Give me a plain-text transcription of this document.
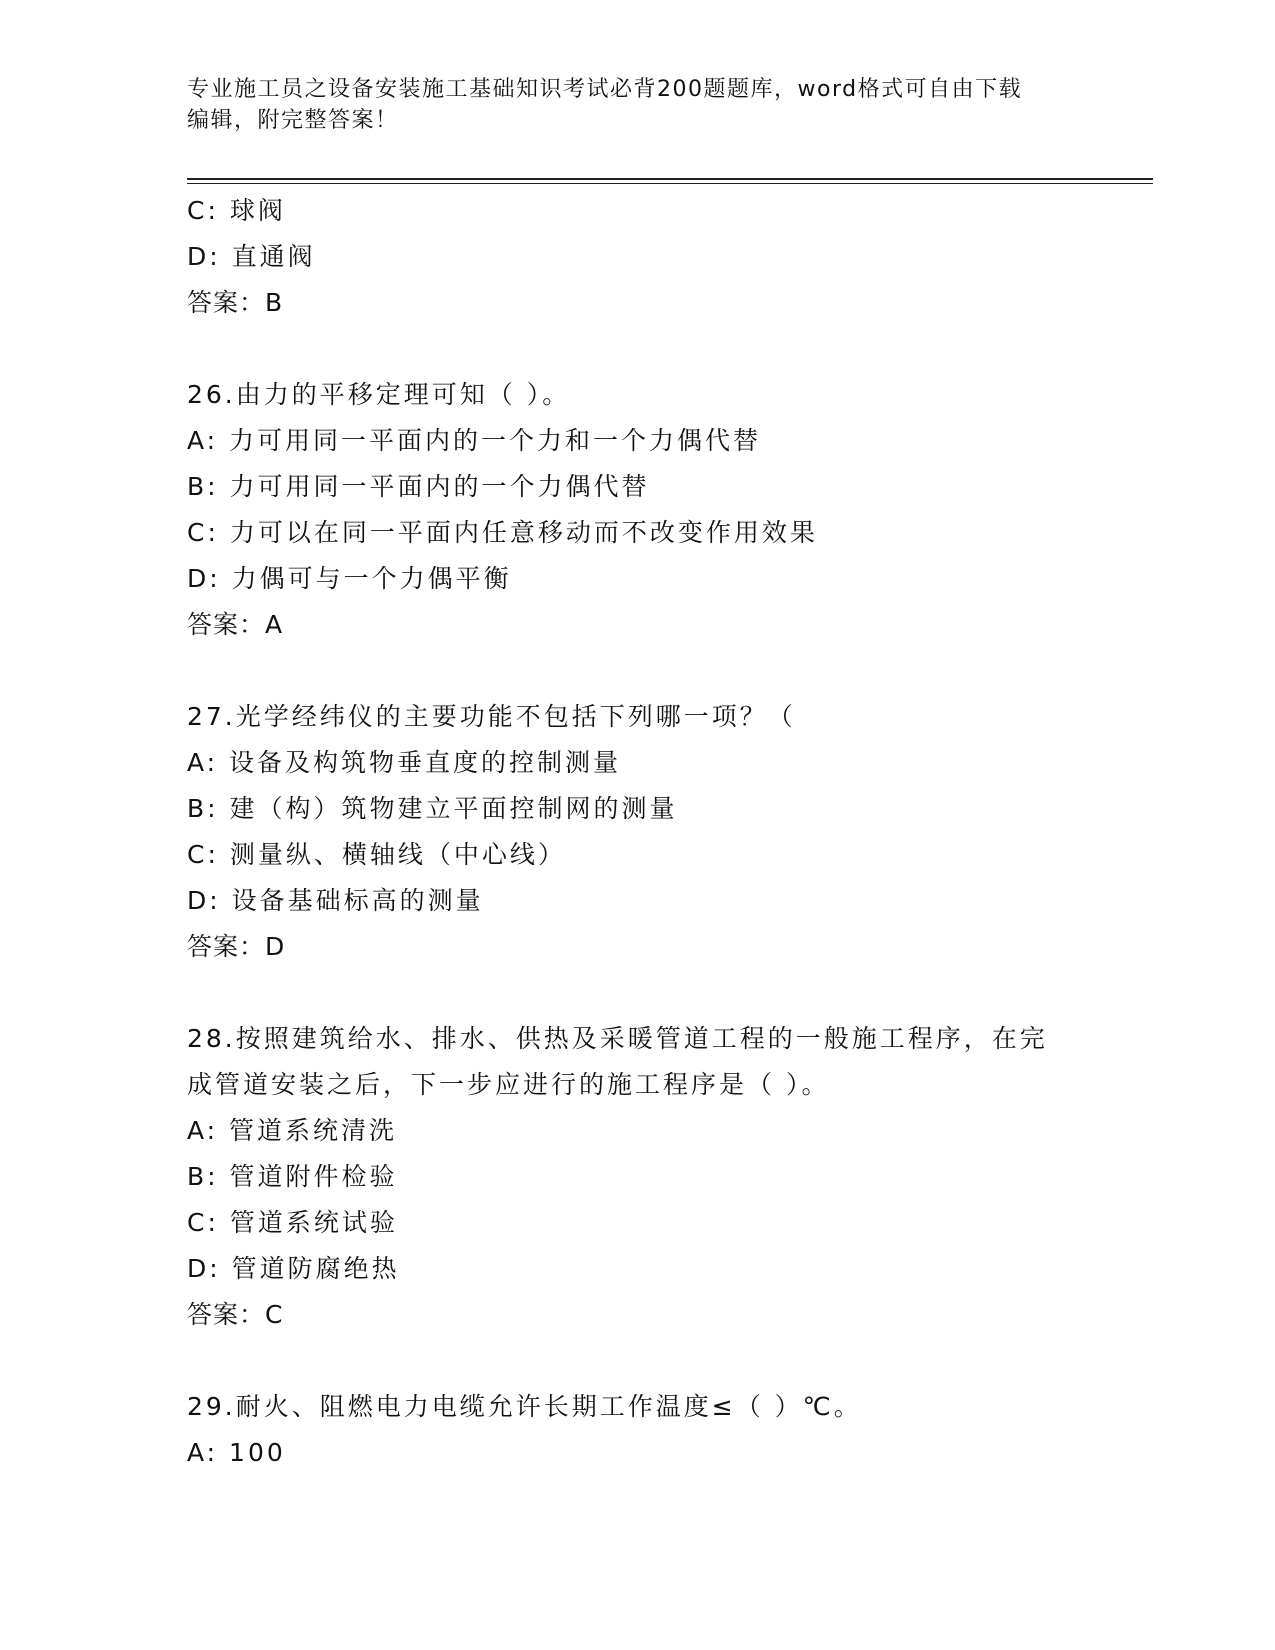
专业施工员之设备安装施工基础知识考试必背200题题库，word格式可自由下载
编辑，附完整答案！
C: 球阀
D: 直通阀
答案：B
26.由力的平移定理可知（ ）。
A: 力可用同一平面内的一个力和一个力偶代替
B: 力可用同一平面内的一个力偶代替
C: 力可以在同一平面内任意移动而不改变作用效果
D: 力偶可与一个力偶平衡
答案：A
27.光学经纬仪的主要功能不包括下列哪一项？（
A: 设备及构筑物垂直度的控制测量
B: 建（构）筑物建立平面控制网的测量
C: 测量纵、横轴线（中心线）
D: 设备基础标高的测量
答案：D
28.按照建筑给水、排水、供热及采暖管道工程的一般施工程序，在完
成管道安装之后，下一步应进行的施工程序是（ ）。
A: 管道系统清洗
B: 管道附件检验
C: 管道系统试验
D: 管道防腐绝热
答案：C
29.耐火、阻燃电力电缆允许长期工作温度≤（ ）℃。
A: 100
